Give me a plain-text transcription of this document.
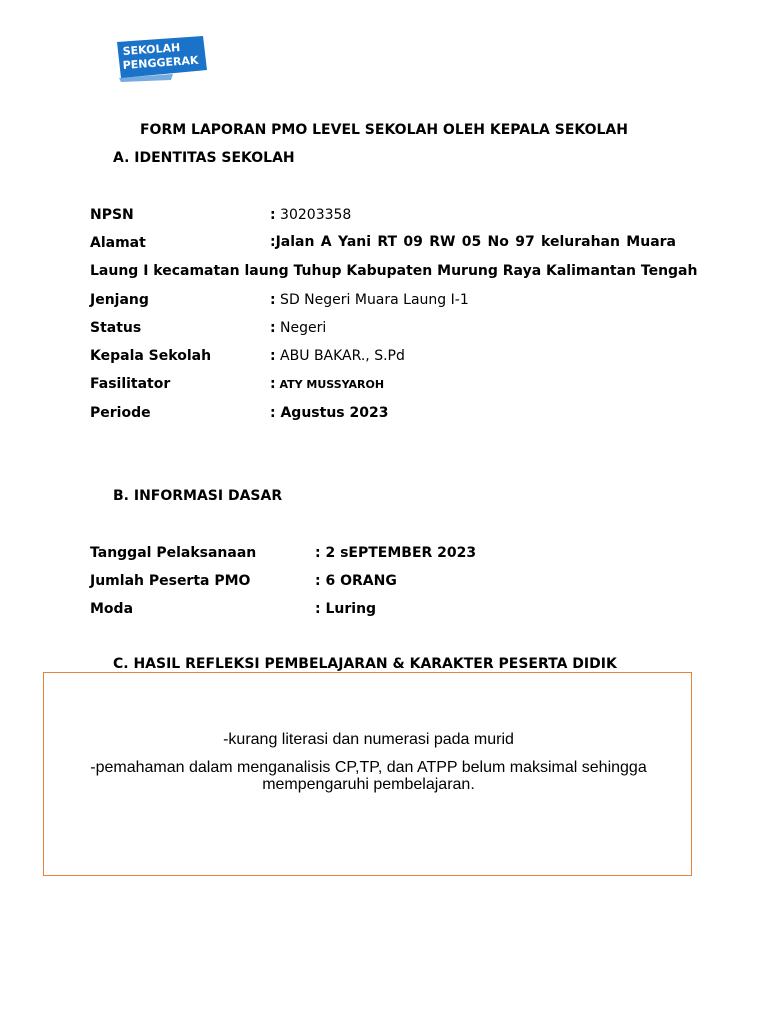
SEKOLAH
PENGGERAK
FORM LAPORAN PMO LEVEL SEKOLAH OLEH KEPALA SEKOLAH
A. IDENTITAS SEKOLAH
NPSN	: 30203358
Alamat	:Jalan A Yani RT 09 RW 05 No 97 kelurahan Muara
Laung I kecamatan laung Tuhup Kabupaten Murung Raya Kalimantan Tengah
Jenjang	: SD Negeri Muara Laung I-1
Status	: Negeri
Kepala Sekolah	: ABU BAKAR., S.Pd
Fasilitator	: ATY MUSSYAROH
Periode	: Agustus 2023
B. INFORMASI DASAR
Tanggal Pelaksanaan	: 2 sEPTEMBER 2023
Jumlah Peserta PMO	: 6 ORANG
Moda	: Luring
C. HASIL REFLEKSI PEMBELAJARAN & KARAKTER PESERTA DIDIK
-kurang literasi dan numerasi pada murid
-pemahaman dalam menganalisis CP,TP, dan ATPP belum maksimal sehingga
mempengaruhi pembelajaran.
